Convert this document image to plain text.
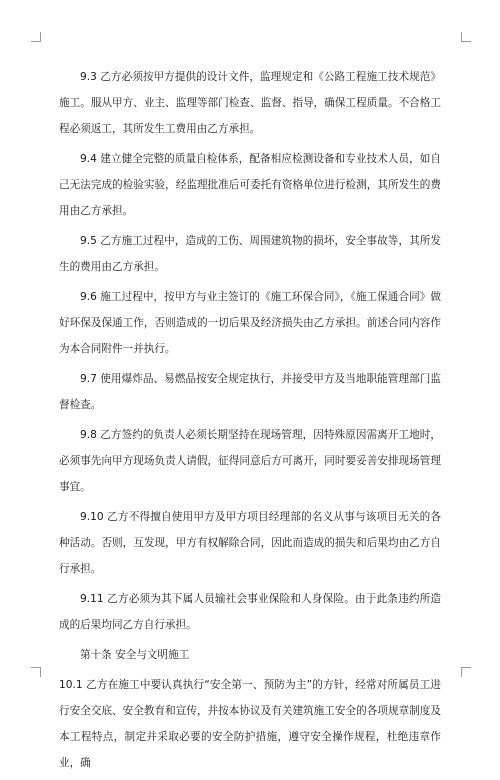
9.3 乙方必须按甲方提供的设计文件，监理规定和《公路工程施工技术规范》施工。服从甲方、业主、监理等部门检查、监督、指导，确保工程质量。不合格工程必须返工，其所发生工费用由乙方承担。

9.4 建立健全完整的质量自检体系，配备相应检测设备和专业技术人员，如自己无法完成的检验实验，经监理批准后可委托有资格单位进行检测，其所发生的费用由乙方承担。

9.5 乙方施工过程中，造成的工伤、周围建筑物的损坏，安全事故等，其所发生的费用由乙方承担。

9.6 施工过程中，按甲方与业主签订的《施工环保合同》，《施工保通合同》做好环保及保通工作，否则造成的一切后果及经济损失由乙方承担。前述合同内容作为本合同附件一并执行。

9.7 使用爆炸品、易燃品按安全规定执行，并接受甲方及当地职能管理部门监督检查。

9.8 乙方签约的负责人必须长期坚持在现场管理，因特殊原因需离开工地时，必须事先向甲方现场负责人请假，征得同意后方可离开，同时要妥善安排现场管理事宜。

9.10 乙方不得擅自使用甲方及甲方项目经理部的名义从事与该项目无关的各种活动。否则，互发现，甲方有权解除合同，因此而造成的损失和后果均由乙方自行承担。

9.11 乙方必须为其下属人员输社会事业保险和人身保险。由于此条违约所造成的后果均同乙方自行承担。

第十条 安全与文明施工

10.1 乙方在施工中要认真执行“安全第一、预防为主”的方针，经常对所属员工进行安全交底、安全教育和宣传，并按本协议及有关建筑施工安全的各项规章制度及本工程特点，制定并采取必要的安全防护措施，遵守安全操作规程，杜绝违章作业，确
